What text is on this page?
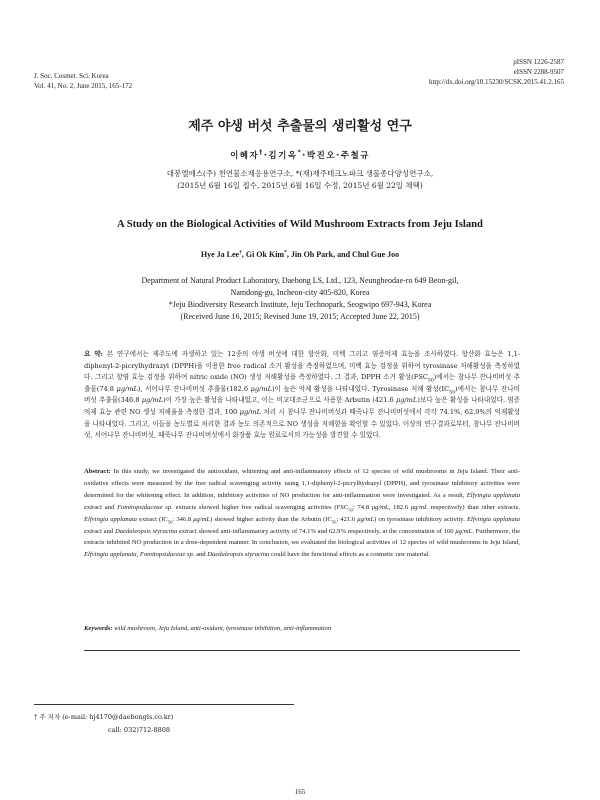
J. Soc. Cosmet. Sci. Korea
Vol. 41, No. 2, June 2015, 165-172
pISSN 1226-2587
eISSN 2288-9507
http://dx.doi.org/10.15230/SCSK.2015.41.2.165
제주 야생 버섯 추출물의 생리활성 연구
이혜자†·김기옥*·박진오·주철규
대봉엘에스(주) 천연물소재응용연구소, *(재)제주테크노파크 생물종다양성연구소,
(2015년 6월 16일 접수, 2015년 6월 16일 수정, 2015년 6월 22일 채택)
A Study on the Biological Activities of Wild Mushroom Extracts from Jeju Island
Hye Ja Lee†, Gi Ok Kim*, Jin Oh Park, and Chul Gue Joo
Department of Natural Product Laboratory, Daebong LS, Ltd., 123, Neungheodae-ro 649 Beon-gil,
Namdong-gu, Incheon-city 405-820, Korea
*Jeju Biodiversity Research Institute, Jeju Technopark, Seogwipo 697-943, Korea
(Received June 16, 2015; Revised June 19, 2015; Accepted June 22, 2015)
요 약: 본 연구에서는 제주도에 자생하고 있는 12종의 야생 버섯에 대한 항산화, 미백 그리고 염증억제 효능을 조사하였다. 항산화 효능은 1,1-diphenyl-2-picrylhydrazyl (DPPH)을 이용한 free radical 소거 활성을 측정하였으며, 미백 효능 검정을 위하여 tyrosinase 저해활성을 측정하였다. 그리고 항염 효능 검정을 위하여 nitric oxide (NO) 생성 저해활성을 측정하였다. 그 결과, DPPH 소거 활성$(FSC_{50})$에서는 참나무 잔나비버섯 추출물(74.8 μg/mL), 서어나무 잔나비버섯 추출물(182.6 μg/mL)이 높은 억제 활성을 나타내었다. Tyrosinase 저해 활성$(IC_{50})$에서는 참나무 잔나비버섯 추출물(346.8 μg/mL)이 가장 높은 활성을 나타내었고, 이는 비교대조군으로 사용한 Arbutin (421.6 μg/mL)보다 높은 활성을 나타내었다. 염증억제 효능 관련 NO 생성 저해율을 측정한 결과, 100 μg/mL 처리 시 참나무 잔나비버섯과 때죽나무 잔나비버섯에서 각각 74.1%, 62.9%의 억제활성을 나타내었다. 그리고, 이들을 농도별로 처리한 결과 농도 의존적으로 NO 생성을 저해함을 확인할 수 있었다. 이상의 연구결과로부터, 참나무 잔나비버섯, 서어나무 잔나비버섯, 때죽나무 잔나비버섯에서 화장품 효능 원료로서의 가능성을 발견할 수 있었다.
Abstract: In this study, we investigated the antioxidant, whitening and anti-inflammatory effects of 12 species of wild mushrooms in Jeju Island. Their anti-oxidative effects were measured by the free radical scavenging activity using 1,1-diphenyl-2-picrylhydrazyl (DPPH), and tyrosinase inhibitory activities were determined for the whitening effect. In addition, inhibitory activities of NO production for anti-inflammation were investigated. As a result, Elfvingia applanata extract and Fomitopsidaceae sp. extracts showed higher free radical scavenging activities ($FSC_{50}$: 74.8 μg/mL, 182.6 μg/mL respectively) than other extracts. Elfvingia applanata extract ($IC_{50}$: 346.8 μg/mL) showed higher activity than the Arbutin ($IC_{50}$: 421.6 μg/mL) on tyrosinase inhibitory activity. Elfvingia applanata extract and Daedaleopsis styracina extract showed anti-inflammatory activity of 74.1% and 62.9% respectively, at the concentration of 100 μg/mL. Furthermore, the extracts inhibited NO production in a dose-dependent manner. In conclusion, we evaluated the biological activities of 12 species of wild mushrooms in Jeju Island, Elfvingia applanata, Fomitopsidaceae sp. and Daedaleopsis styracina could have the functional effects as a cosmetic raw material.
Keywords: wild mushroom, Jeju Island, anti-oxidant, tyrosinase inhibition, anti-inflammation
† 주 저자 (e-mail: hj4170@daebongls.co.kr)
call: 032)712-8808
165
